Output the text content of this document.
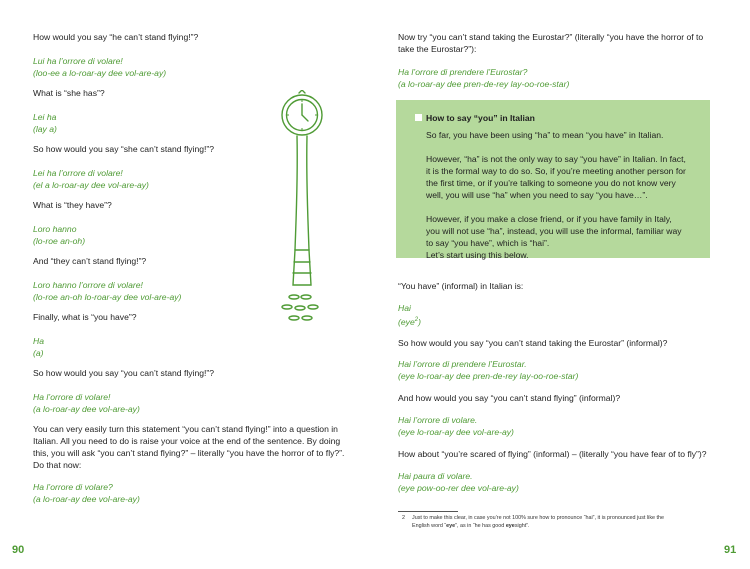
How would you say “he can’t stand flying!”?
Lui ha l’orrore di volare!
(loo-ee a lo-roar-ay dee vol-are-ay)
What is “she has”?
Lei ha
(lay a)
So how would you say “she can’t stand flying!”?
Lei ha l’orrore di volare!
(el a lo-roar-ay dee vol-are-ay)
What is “they have”?
Loro hanno
(lo-roe an-oh)
And “they can’t stand flying!”?
Loro hanno l’orrore di volare!
(lo-roe an-oh lo-roar-ay dee vol-are-ay)
Finally, what is “you have”?
Ha
(a)
So how would you say “you can’t stand flying!”?
Ha l’orrore di volare!
(a lo-roar-ay dee vol-are-ay)
You can very easily turn this statement “you can’t stand flying!” into a question in
Italian. All you need to do is raise your voice at the end of the sentence. By doing
this, you will ask “you can’t stand flying?” – literally “you have the horror of to fly?”.
Do that now:
Ha l’orrore di volare?
(a lo-roar-ay dee vol-are-ay)
90
Now try “you can’t stand taking the Eurostar?” (literally “you have the horror of to
take the Eurostar?”):
Ha l’orrore di prendere l’Eurostar?
(a lo-roar-ay dee pren-de-rey lay-oo-roe-star)
“You have” (informal) in Italian is:
Hai
So how would you say “you can’t stand taking the Eurostar” (informal)?
Hai l’orrore di prendere l’Eurostar.
(eye lo-roar-ay dee pren-de-rey lay-oo-roe-star)
And how would you say “you can’t stand flying” (informal)?
Hai l’orrore di volare.
(eye lo-roar-ay dee vol-are-ay)
How about “you’re scared of flying” (informal) – (literally “you have fear of to fly”)?
Hai paura di volare.
(eye pow-oo-rer dee vol-are-ay)
(eye$^2$)
How to say “you” in Italian
So far, you have been using “ha” to mean “you have” in Italian.
However, “ha” is not the only way to say “you have” in Italian. In fact,
it is the formal way to do so. So, if you’re meeting another person for
the first time, or if you’re talking to someone you do not know very
well, you will use “ha” when you need to say “you have…”.
However, if you make a close friend, or if you have family in Italy,
you will not use “ha”, instead, you will use the informal, familiar way
to say “you have”, which is “hai”.
Let’s start using this below.
2 Just to make this clear, in case you’re not 100% sure how to pronounce “hai”, it is pronounced just like the
English word “eye”, as in “he has good eyesight”.
91
